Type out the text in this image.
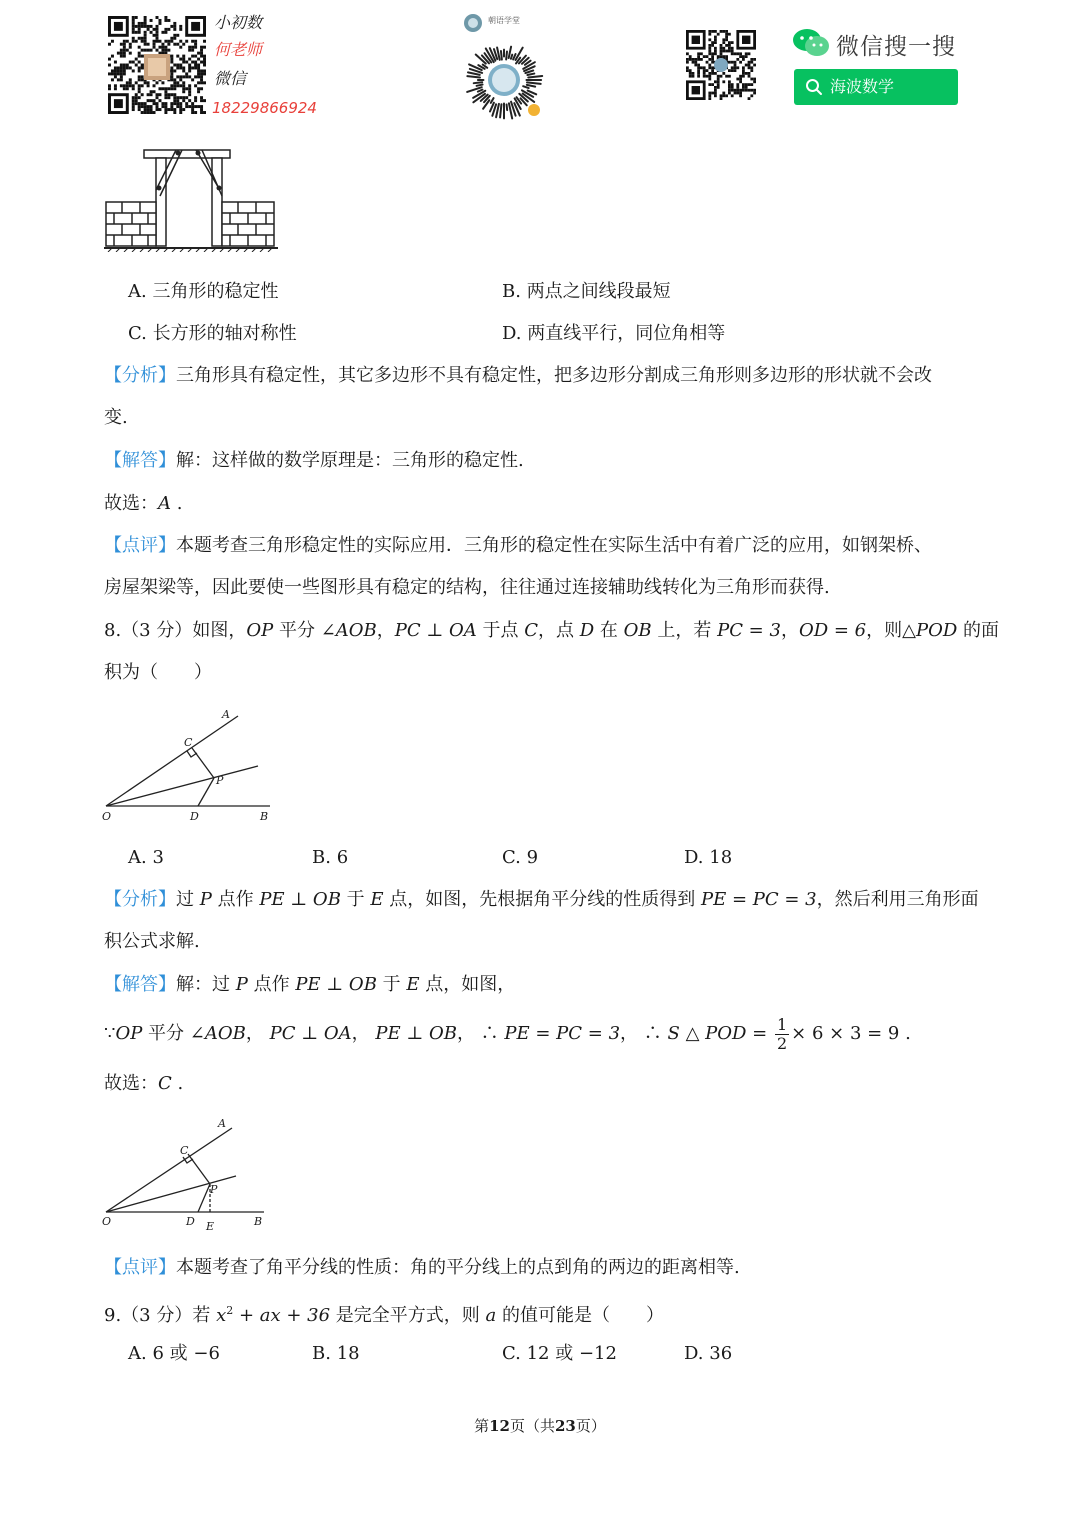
小初数
何老师
微信
18229866924
朝语学堂
微信搜一搜
海波数学
A. 三角形的稳定性	B. 两点之间线段最短
C. 长方形的轴对称性	D. 两直线平行，同位角相等
【分析】三角形具有稳定性，其它多边形不具有稳定性，把多边形分割成三角形则多边形的形状就不会改
变.
【解答】解：这样做的数学原理是：三角形的稳定性.
故选：A .
【点评】本题考查三角形稳定性的实际应用．三角形的稳定性在实际生活中有着广泛的应用，如钢架桥、
房屋架梁等，因此要使一些图形具有稳定的结构，往往通过连接辅助线转化为三角形而获得.
8.（3 分）如图，OP 平分 ∠AOB，PC ⊥ OA 于点 C，点 D 在 OB 上，若 PC = 3，OD = 6，则△POD 的面
积为（　　）
A
C
P
O	D	B
A. 3	B. 6	C. 9	D. 18
【分析】过 P 点作 PE ⊥ OB 于 E 点，如图，先根据角平分线的性质得到 PE = PC = 3，然后利用三角形面
积公式求解.
【解答】解：过 P 点作 PE ⊥ OB 于 E 点，如图，
∵OP 平分 ∠AOB， PC ⊥ OA， PE ⊥ OB， ∴ PE = PC = 3， ∴ S △ POD = $\frac{1}{2} \times 6 \times 3 = 9$ .
故选：C .
A
C
P
O	D E	B
【点评】本题考查了角平分线的性质：角的平分线上的点到角的两边的距离相等.
9.（3 分）若 $x^2$ + ax + 36 是完全平方式，则 a 的值可能是（　　）
A. 6 或 −6	B. 18	C. 12 或 −12	D. 36
第12页（共23页）
